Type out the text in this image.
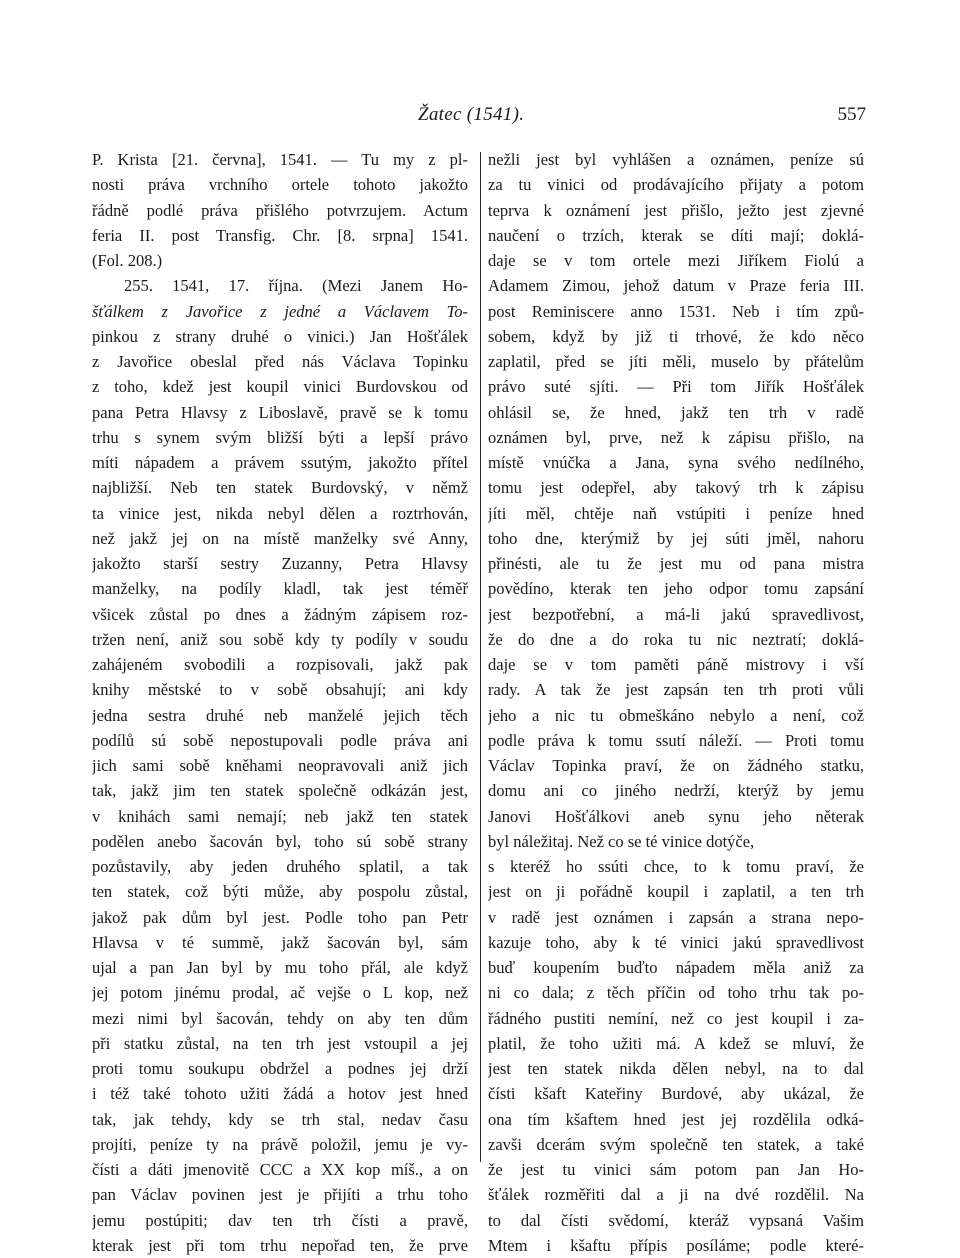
Žatec (1541).	557
P. Krista [21. června], 1541. — Tu my z pl-
nosti práva vrchního ortele tohoto jakožto
řádně podlé práva přišlého potvrzujem. Actum
feria II. post Transfig. Chr. [8. srpna] 1541.
(Fol. 208.)
255. 1541, 17. října. (Mezi Janem Ho-
šťálkem z Javořice z jedné a Václavem To-
pinkou z strany druhé o vinici.) Jan Hošťálek
z Javořice obeslal před nás Václava Topinku
z toho, kdež jest koupil vinici Burdovskou od
pana Petra Hlavsy z Liboslavě, pravě se k tomu
trhu s synem svým bližší býti a lepší právo
míti nápadem a právem ssutým, jakožto přítel
najbližší. Neb ten statek Burdovský, v němž
ta vinice jest, nikda nebyl dělen a roztrhován,
než jakž jej on na místě manželky své Anny,
jakožto starší sestry Zuzanny, Petra Hlavsy
manželky, na podíly kladl, tak jest téměř
všicek zůstal po dnes a žádným zápisem roz-
tržen není, aniž sou sobě kdy ty podíly v soudu
zahájeném svobodili a rozpisovali, jakž pak
knihy městské to v sobě obsahují; ani kdy
jedna sestra druhé neb manželé jejich těch
podílů sú sobě nepostupovali podle práva ani
jich sami sobě kněhami neopravovali aniž jich
tak, jakž jim ten statek společně odkázán jest,
v knihách sami nemají; neb jakž ten statek
podělen anebo šacován byl, toho sú sobě strany
pozůstavily, aby jeden druhého splatil, a tak
ten statek, což býti může, aby pospolu zůstal,
jakož pak dům byl jest. Podle toho pan Petr
Hlavsa v té summě, jakž šacován byl, sám
ujal a pan Jan byl by mu toho přál, ale když
jej potom jinému prodal, ač vejše o L kop, než
mezi nimi byl šacován, tehdy on aby ten dům
při statku zůstal, na ten trh jest vstoupil a jej
proti tomu soukupu obdržel a podnes jej drží
i též také tohoto užiti žádá a hotov jest hned
tak, jak tehdy, kdy se trh stal, nedav času
projíti, peníze ty na právě položil, jemu je vy-
čísti a dáti jmenovitě CCC a XX kop míš., a on
pan Václav povinen jest je přijíti a trhu toho
jemu postúpiti; dav ten trh čísti a pravě,
kterak jest při tom trhu nepořad ten, že prve
nežli jest byl vyhlášen a oznámen, peníze sú
za tu vinici od prodávajícího přijaty a potom
teprva k oznámení jest přišlo, ježto jest zjevné
naučení o trzích, kterak se díti mají; doklá-
daje se v tom ortele mezi Jiříkem Fiolú a
Adamem Zimou, jehož datum v Praze feria III.
post Reminiscere anno 1531. Neb i tím způ-
sobem, když by již ti trhové, že kdo něco
zaplatil, před se jíti měli, muselo by přátelům
právo suté sjíti. — Při tom Jiřík Hošťálek
ohlásil se, že hned, jakž ten trh v radě
oznámen byl, prve, než k zápisu přišlo, na
místě vnúčka a Jana, syna svého nedílného,
tomu jest odepřel, aby takový trh k zápisu
jíti měl, chtěje naň vstúpiti i peníze hned
toho dne, kterýmiž by jej súti jměl, nahoru
přinésti, ale tu že jest mu od pana mistra
povědíno, kterak ten jeho odpor tomu zapsání
jest bezpotřební, a má-li jakú spravedlivost,
že do dne a do roka tu nic neztratí; doklá-
daje se v tom paměti páně mistrovy i vší
rady. A tak že jest zapsán ten trh proti vůli
jeho a nic tu obmeškáno nebylo a není, což
podle práva k tomu ssutí náleží. — Proti tomu
Václav Topinka praví, že on žádného statku,
domu ani co jiného nedrží, kterýž by jemu
Janovi Hošťálkovi aneb synu jeho něterak
byl náležitaj. Než co se té vinice dotýče,
s kteréž ho ssúti chce, to k tomu praví, že
jest on ji pořádně koupil i zaplatil, a ten trh
v radě jest oznámen i zapsán a strana nepo-
kazuje toho, aby k té vinici jakú spravedlivost
buď koupením buďto nápadem měla aniž za
ni co dala; z těch příčin od toho trhu tak po-
řádného pustiti nemíní, než co jest koupil i za-
platil, že toho užiti má. A kdež se mluví, že
jest ten statek nikda dělen nebyl, na to dal
čísti kšaft Kateřiny Burdové, aby ukázal, že
ona tím kšaftem hned jest jej rozdělila odká-
zavši dcerám svým společně ten statek, a také
že jest tu vinici sám potom pan Jan Ho-
šťálek rozměřiti dal a ji na dvé rozdělil. Na
to dal čísti svědomí, kteráž vypsaná Vašim
Mtem i kšaftu přípis posíláme; podle které-
